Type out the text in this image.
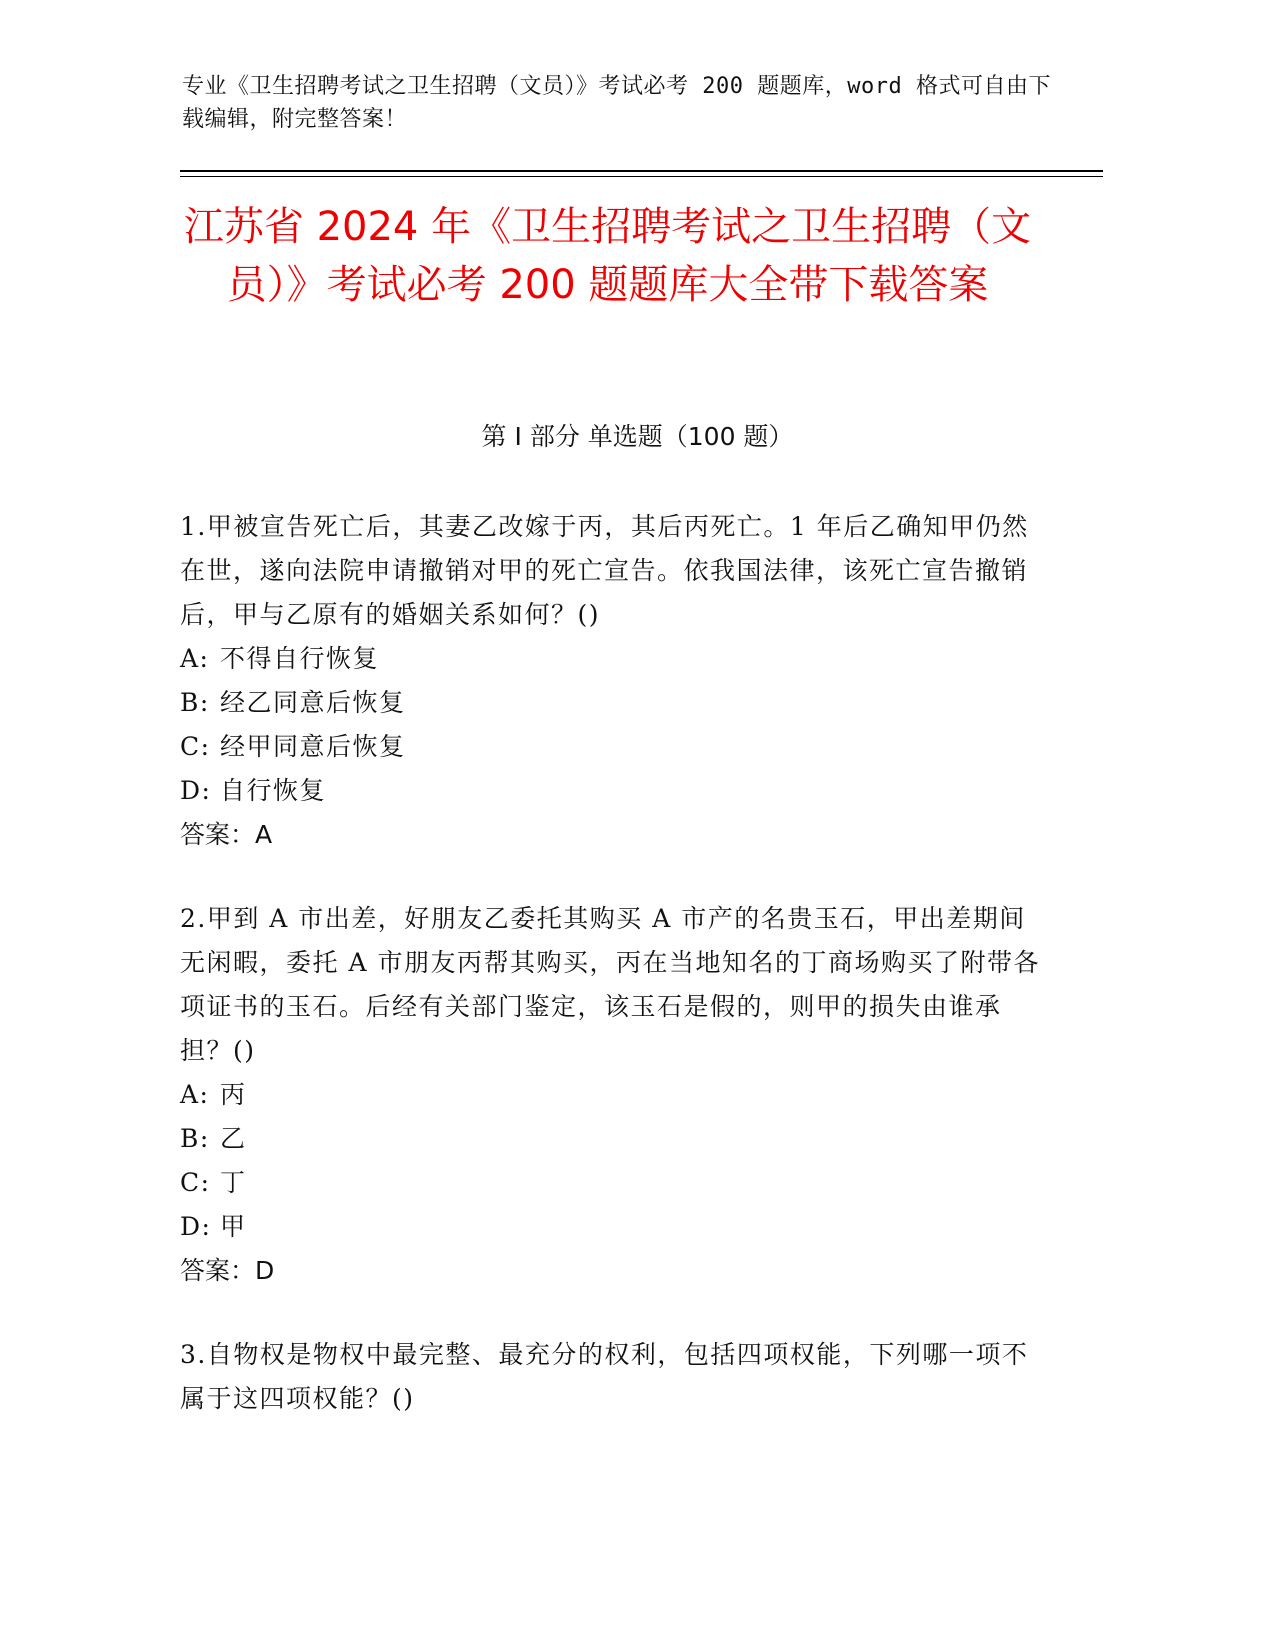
专业《卫生招聘考试之卫生招聘（文员）》考试必考 200 题题库，word 格式可自由下载编辑，附完整答案！
江苏省 2024 年《卫生招聘考试之卫生招聘（文员）》考试必考 200 题题库大全带下载答案
第 I 部分 单选题（100 题）
1.甲被宣告死亡后，其妻乙改嫁于丙，其后丙死亡。1 年后乙确知甲仍然在世，遂向法院申请撤销对甲的死亡宣告。依我国法律，该死亡宣告撤销后，甲与乙原有的婚姻关系如何？()
A: 不得自行恢复
B: 经乙同意后恢复
C: 经甲同意后恢复
D: 自行恢复
答案：A
2.甲到 A 市出差，好朋友乙委托其购买 A 市产的名贵玉石，甲出差期间无闲暇，委托 A 市朋友丙帮其购买，丙在当地知名的丁商场购买了附带各项证书的玉石。后经有关部门鉴定，该玉石是假的，则甲的损失由谁承担？()
A: 丙
B: 乙
C: 丁
D: 甲
答案：D
3.自物权是物权中最完整、最充分的权利，包括四项权能，下列哪一项不属于这四项权能？()
